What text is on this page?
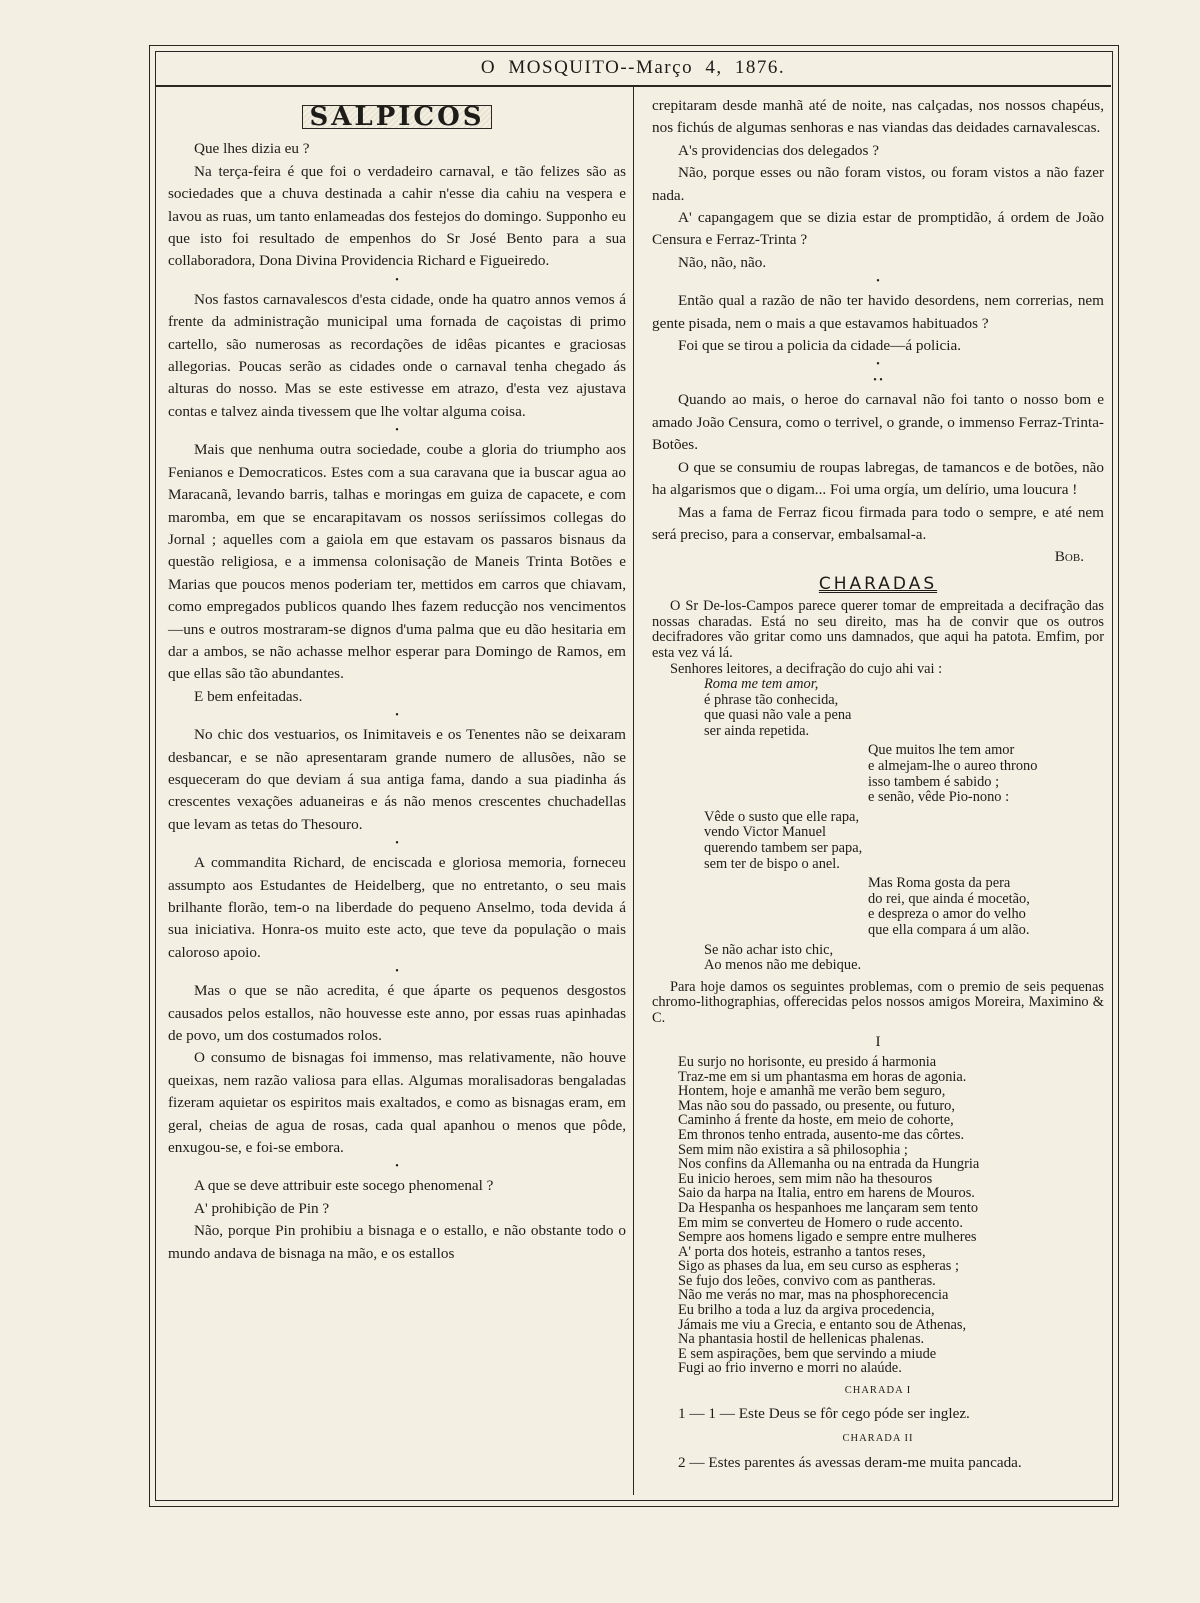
O MOSQUITO--Março 4, 1876.
SALPICOS

Que lhes dizia eu ?

Na terça-feira é que foi o verdadeiro carnaval, e tão felizes são as sociedades que a chuva destinada a cahir n'esse dia cahiu na vespera e lavou as ruas, um tanto enlameadas dos festejos do domingo. Supponho eu que isto foi resultado de empenhos do Sr José Bento para a sua collaboradora, Dona Divina Providencia Richard e Figueiredo.

•

Nos fastos carnavalescos d'esta cidade, onde ha quatro annos vemos á frente da administração municipal uma fornada de caçoistas di primo cartello, são numerosas as recordações de idêas picantes e graciosas allegorias. Poucas serão as cidades onde o carnaval tenha chegado ás alturas do nosso. Mas se este estivesse em atrazo, d'esta vez ajustava contas e talvez ainda tivessem que lhe voltar alguma coisa.

•

Mais que nenhuma outra sociedade, coube a gloria do triumpho aos Fenianos e Democraticos. Estes com a sua caravana que ia buscar agua ao Maracanã, levando barris, talhas e moringas em guiza de capacete, e com maromba, em que se encarapitavam os nossos seriíssimos collegas do Jornal ; aquelles com a gaiola em que estavam os passaros bisnaus da questão religiosa, e a immensa colonisação de Maneis Trinta Botões e Marias que poucos menos poderiam ter, mettidos em carros que chiavam, como empregados publicos quando lhes fazem reducção nos vencimentos—uns e outros mostraram-se dignos d'uma palma que eu dão hesitaria em dar a ambos, se não achasse melhor esperar para Domingo de Ramos, em que ellas são tão abundantes.

E bem enfeitadas.

•

No chic dos vestuarios, os Inimitaveis e os Tenentes não se deixaram desbancar, e se não apresentaram grande numero de allusões, não se esqueceram do que deviam á sua antiga fama, dando a sua piadinha ás crescentes vexações aduaneiras e ás não menos crescentes chuchadellas que levam as tetas do Thesouro.

•

A commandita Richard, de enciscada e gloriosa memoria, forneceu assumpto aos Estudantes de Heidelberg, que no entretanto, o seu mais brilhante florão, tem-o na liberdade do pequeno Anselmo, toda devida á sua iniciativa. Honra-os muito este acto, que teve da população o mais caloroso apoio.

•

Mas o que se não acredita, é que áparte os pequenos desgostos causados pelos estallos, não houvesse este anno, por essas ruas apinhadas de povo, um dos costumados rolos.

O consumo de bisnagas foi immenso, mas relativamente, não houve queixas, nem razão valiosa para ellas. Algumas moralisadoras bengaladas fizeram aquietar os espiritos mais exaltados, e como as bisnagas eram, em geral, cheias de agua de rosas, cada qual apanhou o menos que pôde, enxugou-se, e foi-se embora.

•

A que se deve attribuir este socego phenomenal ?

A' prohibição de Pin ?

Não, porque Pin prohibiu a bisnaga e o estallo, e não obstante todo o mundo andava de bisnaga na mão, e os estallos

crepitaram desde manhã até de noite, nas calçadas, nos nossos chapéus, nos fichús de algumas senhoras e nas viandas das deidades carnavalescas.

A's providencias dos delegados ?

Não, porque esses ou não foram vistos, ou foram vistos a não fazer nada.

A' capangagem que se dizia estar de promptidão, á ordem de João Censura e Ferraz-Trinta ?

Não, não, não.

•

Então qual a razão de não ter havido desordens, nem correrias, nem gente pisada, nem o mais a que estavamos habituados ?

Foi que se tirou a policia da cidade—á policia.

•
• •

Quando ao mais, o heroe do carnaval não foi tanto o nosso bom e amado João Censura, como o terrivel, o grande, o immenso Ferraz-Trinta-Botões.

O que se consumiu de roupas labregas, de tamancos e de botões, não ha algarismos que o digam... Foi uma orgía, um delírio, uma loucura !

Mas a fama de Ferraz ficou firmada para todo o sempre, e até nem será preciso, para a conservar, embalsamal-a.

Bob.
CHARADAS

O Sr De-los-Campos parece querer tomar de empreitada a decifração das nossas charadas. Está no seu direito, mas ha de convir que os outros decifradores vão gritar como uns damnados, que aqui ha patota. Emfim, por esta vez vá lá.

Senhores leitores, a decifração do cujo ahi vai :

Roma me tem amor,
é phrase tão conhecida,
que quasi não vale a pena
ser ainda repetida.
Que muitos lhe tem amor
e almejam-lhe o aureo throno
isso tambem é sabido ;
e senão, vêde Pio-nono :
Vêde o susto que elle rapa,
vendo Victor Manuel
querendo tambem ser papa,
sem ter de bispo o anel.
Mas Roma gosta da pera
do rei, que ainda é mocetão,
e despreza o amor do velho
que ella compara á um alão.
Se não achar isto chic,
Ao menos não me debique.

Para hoje damos os seguintes problemas, com o premio de seis pequenas chromo-lithographias, offerecidas pelos nossos amigos Moreira, Maximino & C.

I
Eu surjo no horisonte, eu presido á harmonia
Traz-me em si um phantasma em horas de agonia.
Hontem, hoje e amanhã me verão bem seguro,
Mas não sou do passado, ou presente, ou futuro,
Caminho á frente da hoste, em meio de cohorte,
Em thronos tenho entrada, ausento-me das côrtes.
Sem mim não existira a sã philosophia ;
Nos confins da Allemanha ou na entrada da Hungria
Eu inicio heroes, sem mim não ha thesouros
Saio da harpa na Italia, entro em harens de Mouros.
Da Hespanha os hespanhoes me lançaram sem tento
Em mim se converteu de Homero o rude accento.
Sempre aos homens ligado e sempre entre mulheres
A' porta dos hoteis, estranho a tantos reses,
Sigo as phases da lua, em seu curso as espheras ;
Se fujo dos leões, convivo com as pantheras.
Não me verás no mar, mas na phosphorecencia
Eu brilho a toda a luz da argiva procedencia,
Jámais me viu a Grecia, e entanto sou de Athenas,
Na phantasia hostil de hellenicas phalenas.
E sem aspirações, bem que servindo a miude
Fugi ao frio inverno e morri no alaúde.
CHARADA I
1 — 1 — Este Deus se fôr cego póde ser inglez.
CHARADA II
2 — Estes parentes ás avessas deram-me muita pancada.
